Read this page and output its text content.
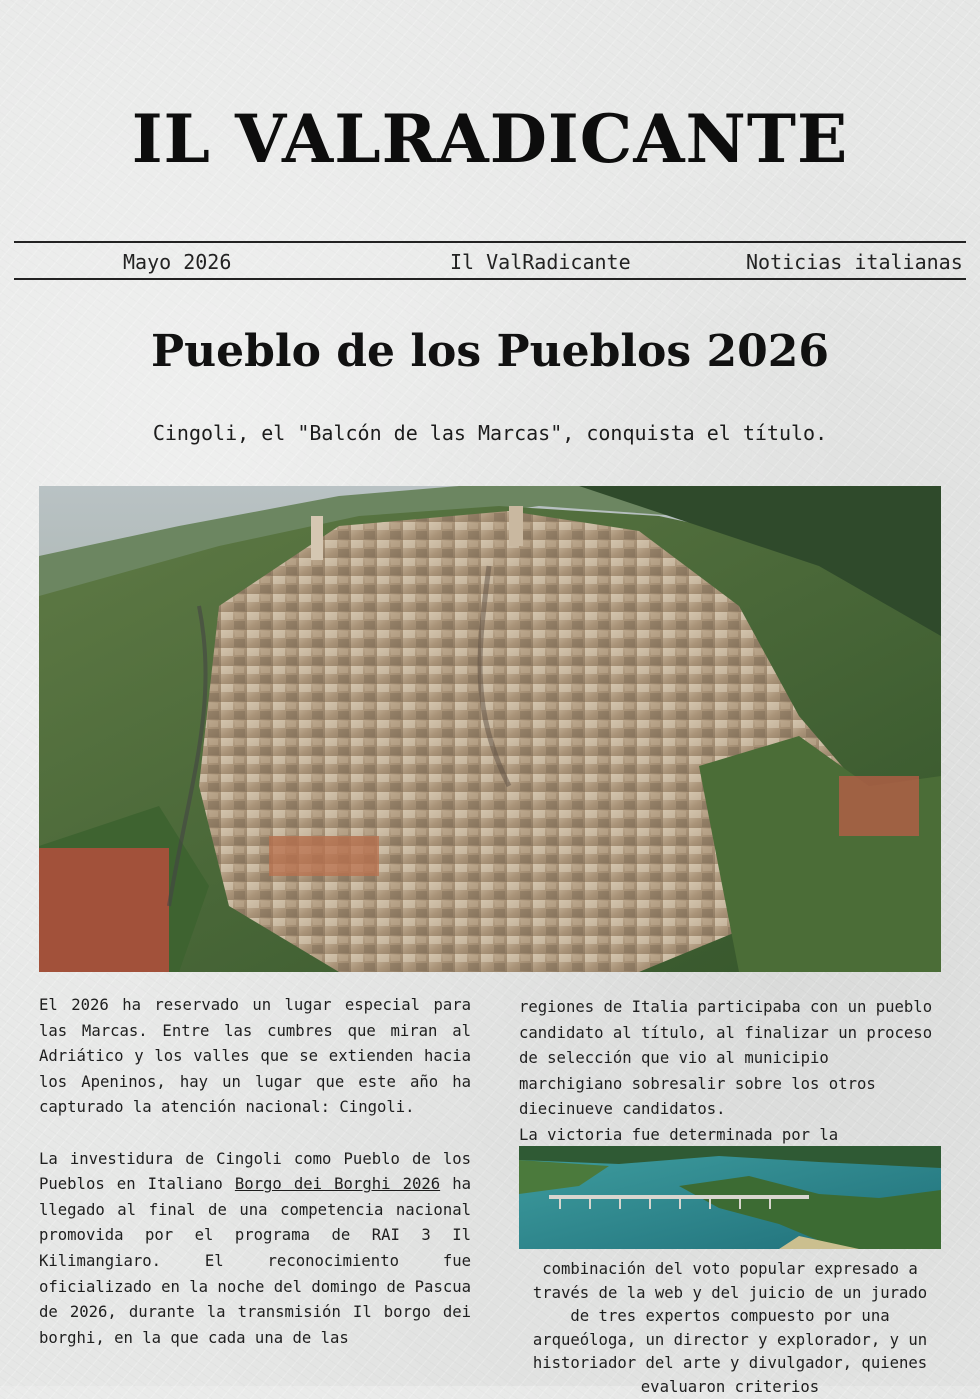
IL VALRADICANTE
Mayo 2026	Il ValRadicante	Noticias italianas
Pueblo de los Pueblos 2026
Cingoli, el "Balcón de las Marcas", conquista el título.

El 2026 ha reservado un lugar especial para las Marcas. Entre las cumbres que miran al Adriático y los valles que se extienden hacia los Apeninos, hay un lugar que este año ha capturado la atención nacional: Cingoli.

La investidura de Cingoli como Pueblo de los Pueblos en Italiano Borgo dei Borghi 2026 ha llegado al final de una competencia nacional promovida por el programa de RAI 3 Il Kilimangiaro. El reconocimiento fue oficializado en la noche del domingo de Pascua de 2026, durante la transmisión Il borgo dei borghi, en la que cada una de las

regiones de Italia participaba con un pueblo candidato al título, al finalizar un proceso de selección que vio al municipio marchigiano sobresalir sobre los otros diecinueve candidatos.

La victoria fue determinada por la

combinación del voto popular expresado a través de la web y del juicio de un jurado de tres expertos compuesto por una arqueóloga, un director y explorador, y un historiador del arte y divulgador, quienes evaluaron criterios
